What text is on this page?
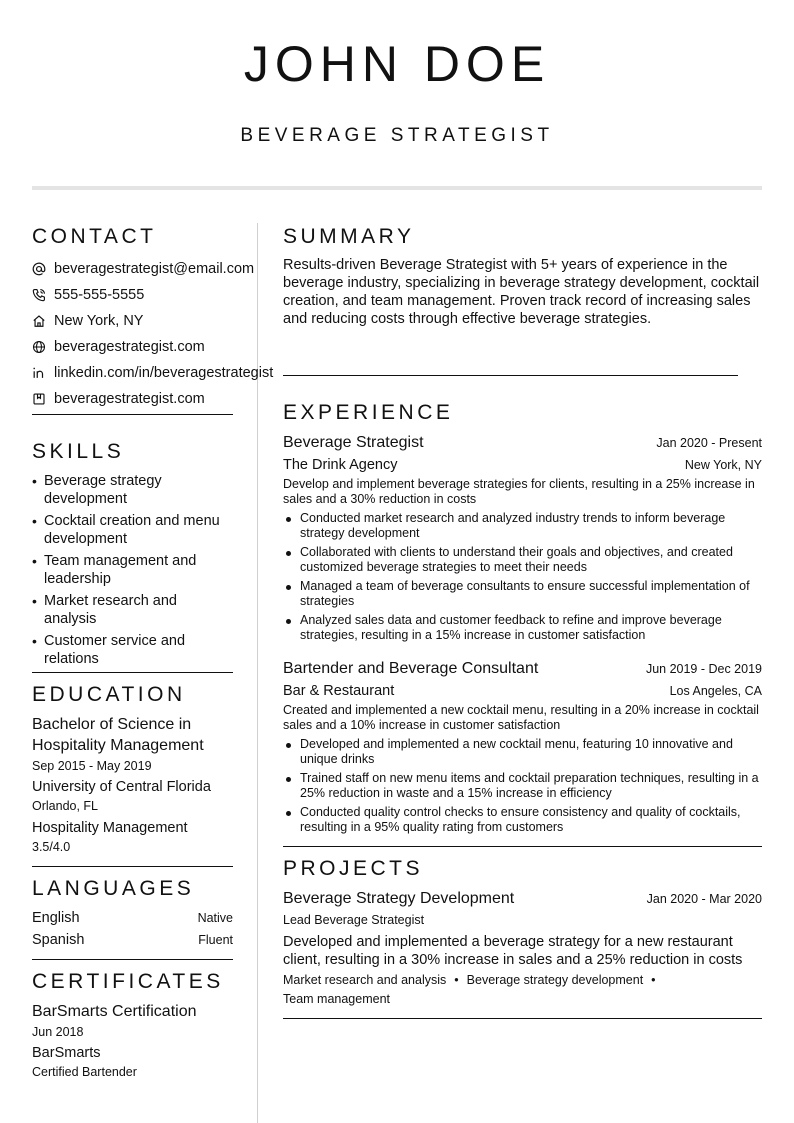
JOHN DOE
BEVERAGE STRATEGIST
CONTACT
beveragestrategist@email.com
555-555-5555
New York, NY
beveragestrategist.com
linkedin.com/in/beveragestrategist
beveragestrategist.com
SKILLS
• Beverage strategy development
• Cocktail creation and menu development
• Team management and leadership
• Market research and analysis
• Customer service and relations
EDUCATION
Bachelor of Science in Hospitality Management
Sep 2015 - May 2019
University of Central Florida
Orlando, FL
Hospitality Management
3.5/4.0
LANGUAGES
English	Native
Spanish	Fluent
CERTIFICATES
BarSmarts Certification
Jun 2018
BarSmarts
Certified Bartender
SUMMARY
Results-driven Beverage Strategist with 5+ years of experience in the beverage industry, specializing in beverage strategy development, cocktail creation, and team management. Proven track record of increasing sales and reducing costs through effective beverage strategies.
EXPERIENCE
Beverage Strategist	Jan 2020 - Present
The Drink Agency	New York, NY
Develop and implement beverage strategies for clients, resulting in a 25% increase in sales and a 30% reduction in costs
Conducted market research and analyzed industry trends to inform beverage strategy development
Collaborated with clients to understand their goals and objectives, and created customized beverage strategies to meet their needs
Managed a team of beverage consultants to ensure successful implementation of strategies
Analyzed sales data and customer feedback to refine and improve beverage strategies, resulting in a 15% increase in customer satisfaction
Bartender and Beverage Consultant	Jun 2019 - Dec 2019
Bar & Restaurant	Los Angeles, CA
Created and implemented a new cocktail menu, resulting in a 20% increase in cocktail sales and a 10% increase in customer satisfaction
Developed and implemented a new cocktail menu, featuring 10 innovative and unique drinks
Trained staff on new menu items and cocktail preparation techniques, resulting in a 25% reduction in waste and a 15% increase in efficiency
Conducted quality control checks to ensure consistency and quality of cocktails, resulting in a 95% quality rating from customers
PROJECTS
Beverage Strategy Development	Jan 2020 - Mar 2020
Lead Beverage Strategist
Developed and implemented a beverage strategy for a new restaurant client, resulting in a 30% increase in sales and a 25% reduction in costs
Market research and analysis • Beverage strategy development •
Team management
